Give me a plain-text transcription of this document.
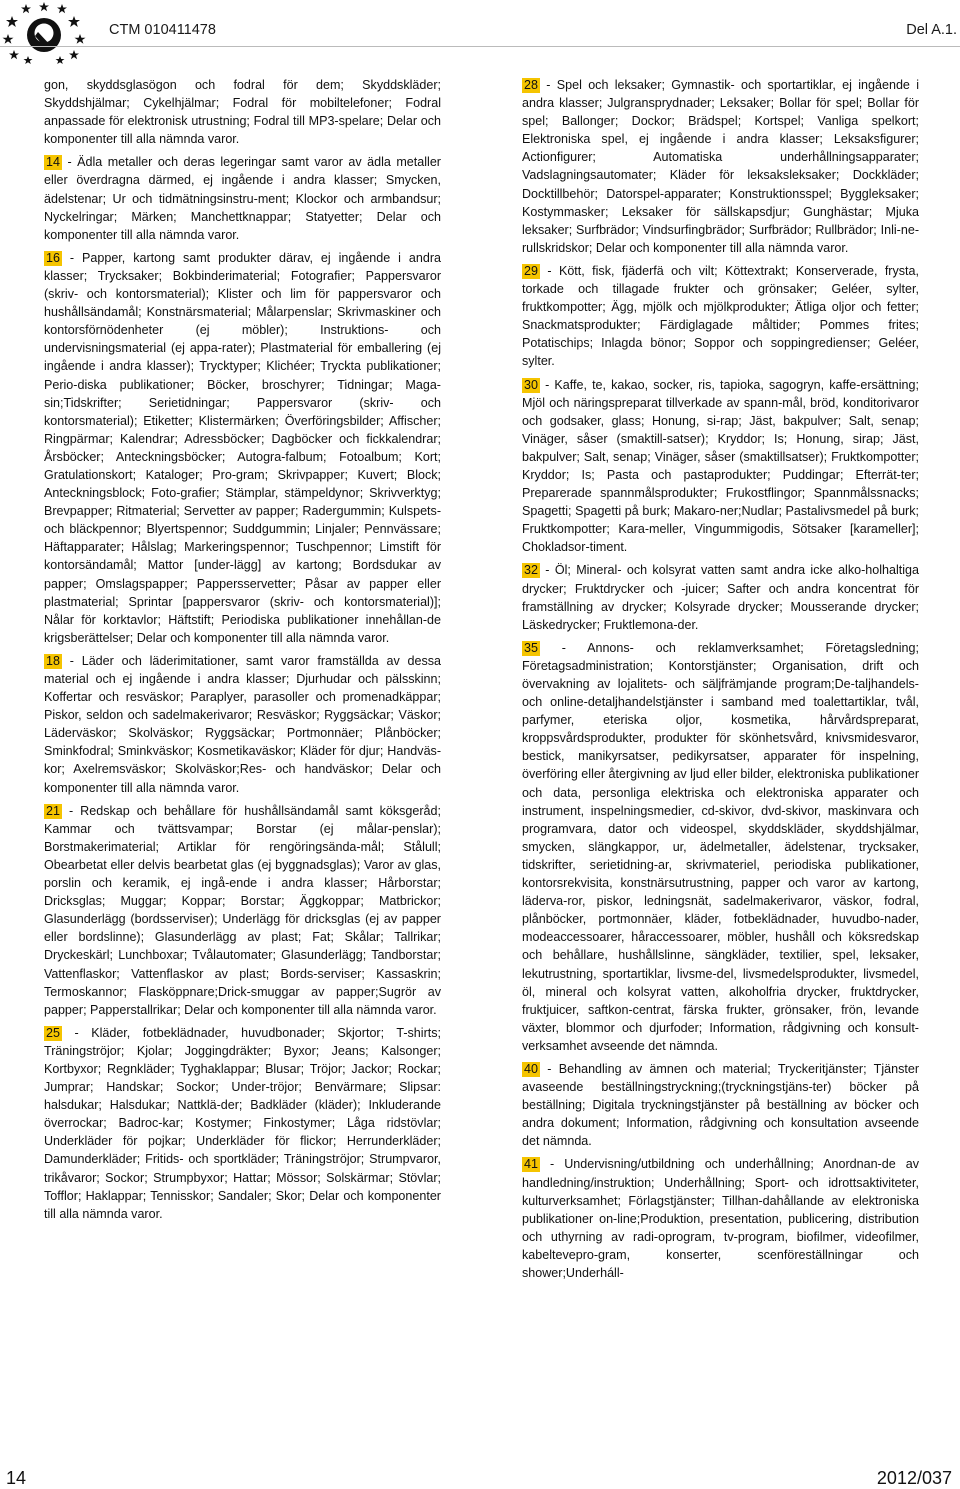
CTM 010411478	Del A.1.

gon, skyddsglasögon och fodral för dem; Skyddskläder; Skyddshjälmar; Cykelhjälmar; Fodral för mobiltelefoner; Fodral anpassade för elektronisk utrustning; Fodral till MP3-spelare; Delar och komponenter till alla nämnda varor.

14 - Ädla metaller och deras legeringar samt varor av ädla metaller eller överdragna därmed, ej ingående i andra klasser; Smycken, ädelstenar; Ur och tidmätningsinstru-ment; Klockor och armbandsur; Nyckelringar; Märken; Manchettknappar; Statyetter; Delar och komponenter till alla nämnda varor.

16 - Papper, kartong samt produkter därav, ej ingående i andra klasser; Trycksaker; Bokbinderimaterial; Fotografier; Pappersvaror (skriv- och kontorsmaterial); Klister och lim för pappersvaror och hushållsändamål; Konstnärsmaterial; Målarpenslar; Skrivmaskiner och kontorsförnödenheter (ej möbler); Instruktions- och undervisningsmaterial (ej appa-rater); Plastmaterial för emballering (ej ingående i andra klasser); Trycktyper; Klichéer; Tryckta publikationer; Perio-diska publikationer; Böcker, broschyrer; Tidningar; Maga-sin;Tidskrifter; Serietidningar; Pappersvaror (skriv- och kontorsmaterial); Etiketter; Klistermärken; Överföringsbilder; Affischer; Ringpärmar; Kalendrar; Adressböcker; Dagböcker och fickkalendrar; Årsböcker; Anteckningsböcker; Autogra-falbum; Fotoalbum; Kort; Gratulationskort; Kataloger; Pro-gram; Skrivpapper; Kuvert; Block; Anteckningsblock; Foto-grafier; Stämplar, stämpeldynor; Skrivverktyg; Brevpapper; Ritmaterial; Servetter av papper; Radergummin; Kulspets-och bläckpennor; Blyertspennor; Suddgummin; Linjaler; Pennvässare; Häftapparater; Hålslag; Markeringspennor; Tuschpennor; Limstift för kontorsändamål; Mattor [under-lägg] av kartong; Bordsdukar av papper; Omslagspapper; Pappersservetter; Påsar av papper eller plastmaterial; Sprintar [pappersvaror (skriv- och kontorsmaterial)]; Nålar för korktavlor; Häftstift; Periodiska publikationer innehållan-de krigsberättelser; Delar och komponenter till alla nämnda varor.

18 - Läder och läderimitationer, samt varor framställda av dessa material och ej ingående i andra klasser; Djurhudar och pälsskinn; Koffertar och resväskor; Paraplyer, parasoller och promenadkäppar; Piskor, seldon och sadelmakerivaror; Resväskor; Ryggsäckar; Väskor; Läderväskor; Skolväskor; Ryggsäckar; Portmonnäer; Plånböcker; Sminkfodral; Sminkväskor; Kosmetikaväskor; Kläder för djur; Handväs-kor; Axelremsväskor; Skolväskor;Res- och handväskor; Delar och komponenter till alla nämnda varor.

21 - Redskap och behållare för hushållsändamål samt köksgeråd; Kammar och tvättsvampar; Borstar (ej målar-penslar); Borstmakerimaterial; Artiklar för rengöringsända-mål; Stålull; Obearbetat eller delvis bearbetat glas (ej byggnadsglas); Varor av glas, porslin och keramik, ej ingå-ende i andra klasser; Hårborstar; Dricksglas; Muggar; Koppar; Borstar; Äggkoppar; Matbrickor; Glasunderlägg (bordsserviser); Underlägg för dricksglas (ej av papper eller bordslinne); Glasunderlägg av plast; Fat; Skålar; Tallrikar; Dryckeskärl; Lunchboxar; Tvålautomater; Glasunderlägg; Tandborstar; Vattenflaskor; Vattenflaskor av plast; Bords-serviser; Kassaskrin; Termoskannor; Flasköppnare;Drick-smuggar av papper;Sugrör av papper; Papperstallrikar; Delar och komponenter till alla nämnda varor.

25 - Kläder, fotbeklädnader, huvudbonader; Skjortor; T-shirts; Träningströjor; Kjolar; Joggingdräkter; Byxor; Jeans; Kalsonger; Kortbyxor; Regnkläder; Tyghaklappar; Blusar; Tröjor; Jackor; Rockar; Jumprar; Handskar; Sockor; Under-tröjor; Benvärmare; Slipsar: halsdukar; Halsdukar; Nattklä-der; Badkläder (kläder); Inkluderande överrockar; Badroc-kar; Kostymer; Finkostymer; Låga ridstövlar; Underkläder för pojkar; Underkläder för flickor; Herrunderkläder; Damunderkläder; Fritids- och sportkläder; Träningströjor; Strumpvaror, trikåvaror; Sockor; Strumpbyxor; Hattar; Mössor; Solskärmar; Stövlar; Tofflor; Haklappar; Tennisskor; Sandaler; Skor; Delar och komponenter till alla nämnda varor.

28 - Spel och leksaker; Gymnastik- och sportartiklar, ej ingående i andra klasser; Julgransprydnader; Leksaker; Bollar för spel; Bollar för spel; Ballonger; Dockor; Brädspel; Kortspel; Vanliga spelkort; Elektroniska spel, ej ingående i andra klasser; Leksaksfigurer; Actionfigurer; Automatiska underhållningsapparater; Vadslagningsautomater; Kläder för leksaksleksaker; Dockkläder; Docktillbehör; Datorspel-apparater; Konstruktionsspel; Byggleksaker; Kostymmasker; Leksaker för sällskapsdjur; Gunghästar; Mjuka leksaker; Surfbrädor; Vindsurfingbrädor; Surfbrädor; Rullbrädor; Inli-ne-rullskridskor; Delar och komponenter till alla nämnda varor.

29 - Kött, fisk, fjäderfä och vilt; Köttextrakt; Konserverade, frysta, torkade och tillagade frukter och grönsaker; Geléer, sylter, fruktkompotter; Ägg, mjölk och mjölkprodukter; Ätliga oljor och fetter; Snackmatsprodukter; Färdiglagade måltider; Pommes frites; Potatischips; Inlagda bönor; Soppor och soppingredienser; Geléer, sylter.

30 - Kaffe, te, kakao, socker, ris, tapioka, sagogryn, kaffe-ersättning; Mjöl och näringspreparat tillverkade av spann-mål, bröd, konditorivaror och godsaker, glass; Honung, si-rap; Jäst, bakpulver; Salt, senap; Vinäger, såser (smaktill-satser); Kryddor; Is; Honung, sirap; Jäst, bakpulver; Salt, senap; Vinäger, såser (smaktillsatser); Fruktkompotter; Kryddor; Is; Pasta och pastaprodukter; Puddingar; Efterrät-ter; Preparerade spannmålsprodukter; Frukostflingor; Spannmålssnacks; Spagetti; Spagetti på burk; Makaro-ner;Nudlar; Pastalivsmedel på burk; Fruktkompotter; Kara-meller, Vingummigodis, Sötsaker [karameller]; Chokladsor-timent.

32 - Öl; Mineral- och kolsyrat vatten samt andra icke alko-holhaltiga drycker; Fruktdrycker och -juicer; Safter och andra koncentrat för framställning av drycker; Kolsyrade drycker; Mousserande drycker; Läskedrycker; Fruktlemona-der.

35 - Annons- och reklamverksamhet; Företagsledning; Företagsadministration; Kontorstjänster; Organisation, drift och övervakning av lojalitets- och säljfrämjande program;De-taljhandels- och online-detaljhandelstjänster i samband med toalettartiklar, tvål, parfymer, eteriska oljor, kosmetika, hårvårdspreparat, kroppsvårdsprodukter, produkter för skönhetsvård, knivsmidesvaror, bestick, manikyrsatser, pedikyrsatser, apparater för inspelning, överföring eller återgivning av ljud eller bilder, elektroniska publikationer och data, personliga elektriska och elektroniska apparater och instrument, inspelningsmedier, cd-skivor, dvd-skivor, maskinvara och programvara, dator och videospel, skyddskläder, skyddshjälmar, smycken, slängkappor, ur, ädelmetaller, ädelstenar, trycksaker, tidskrifter, serietidning-ar, skrivmateriel, periodiska publikationer, kontorsrekvisita, konstnärsutrustning, papper och varor av kartong, läderva-ror, piskor, ledningsnät, sadelmakerivaror, väskor, fodral, plånböcker, portmonnäer, kläder, fotbeklädnader, huvudbo-nader, modeaccessoarer, håraccessoarer, möbler, hushåll och köksredskap och behållare, hushållslinne, sängkläder, textilier, spel, leksaker, lekutrustning, sportartiklar, livsme-del, livsmedelsprodukter, livsmedel, öl, mineral och kolsyrat vatten, alkoholfria drycker, fruktdrycker, fruktjuicer, saftkon-centrat, färska frukter, grönsaker, frön, levande växter, blommor och djurfoder; Information, rådgivning och konsult-verksamhet avseende det nämnda.

40 - Behandling av ämnen och material; Tryckeritjänster; Tjänster avaseende beställningstryckning;(tryckningstjäns-ter) böcker på beställning; Digitala tryckningstjänster på beställning av böcker och andra dokument; Information, rådgivning och konsultation avseende det nämnda.

41 - Undervisning/utbildning och underhållning; Anordnan-de av handledning/instruktion; Underhållning; Sport- och idrottsaktiviteter, kulturverksamhet; Förlagstjänster; Tillhan-dahållande av elektroniska publikationer on-line;Produktion, presentation, publicering, distribution och uthyrning av radi-oprogram, tv-program, biofilmer, videofilmer, kabeltevepro-gram, konserter, scenföreställningar och shower;Underháll-

14	2012/037
